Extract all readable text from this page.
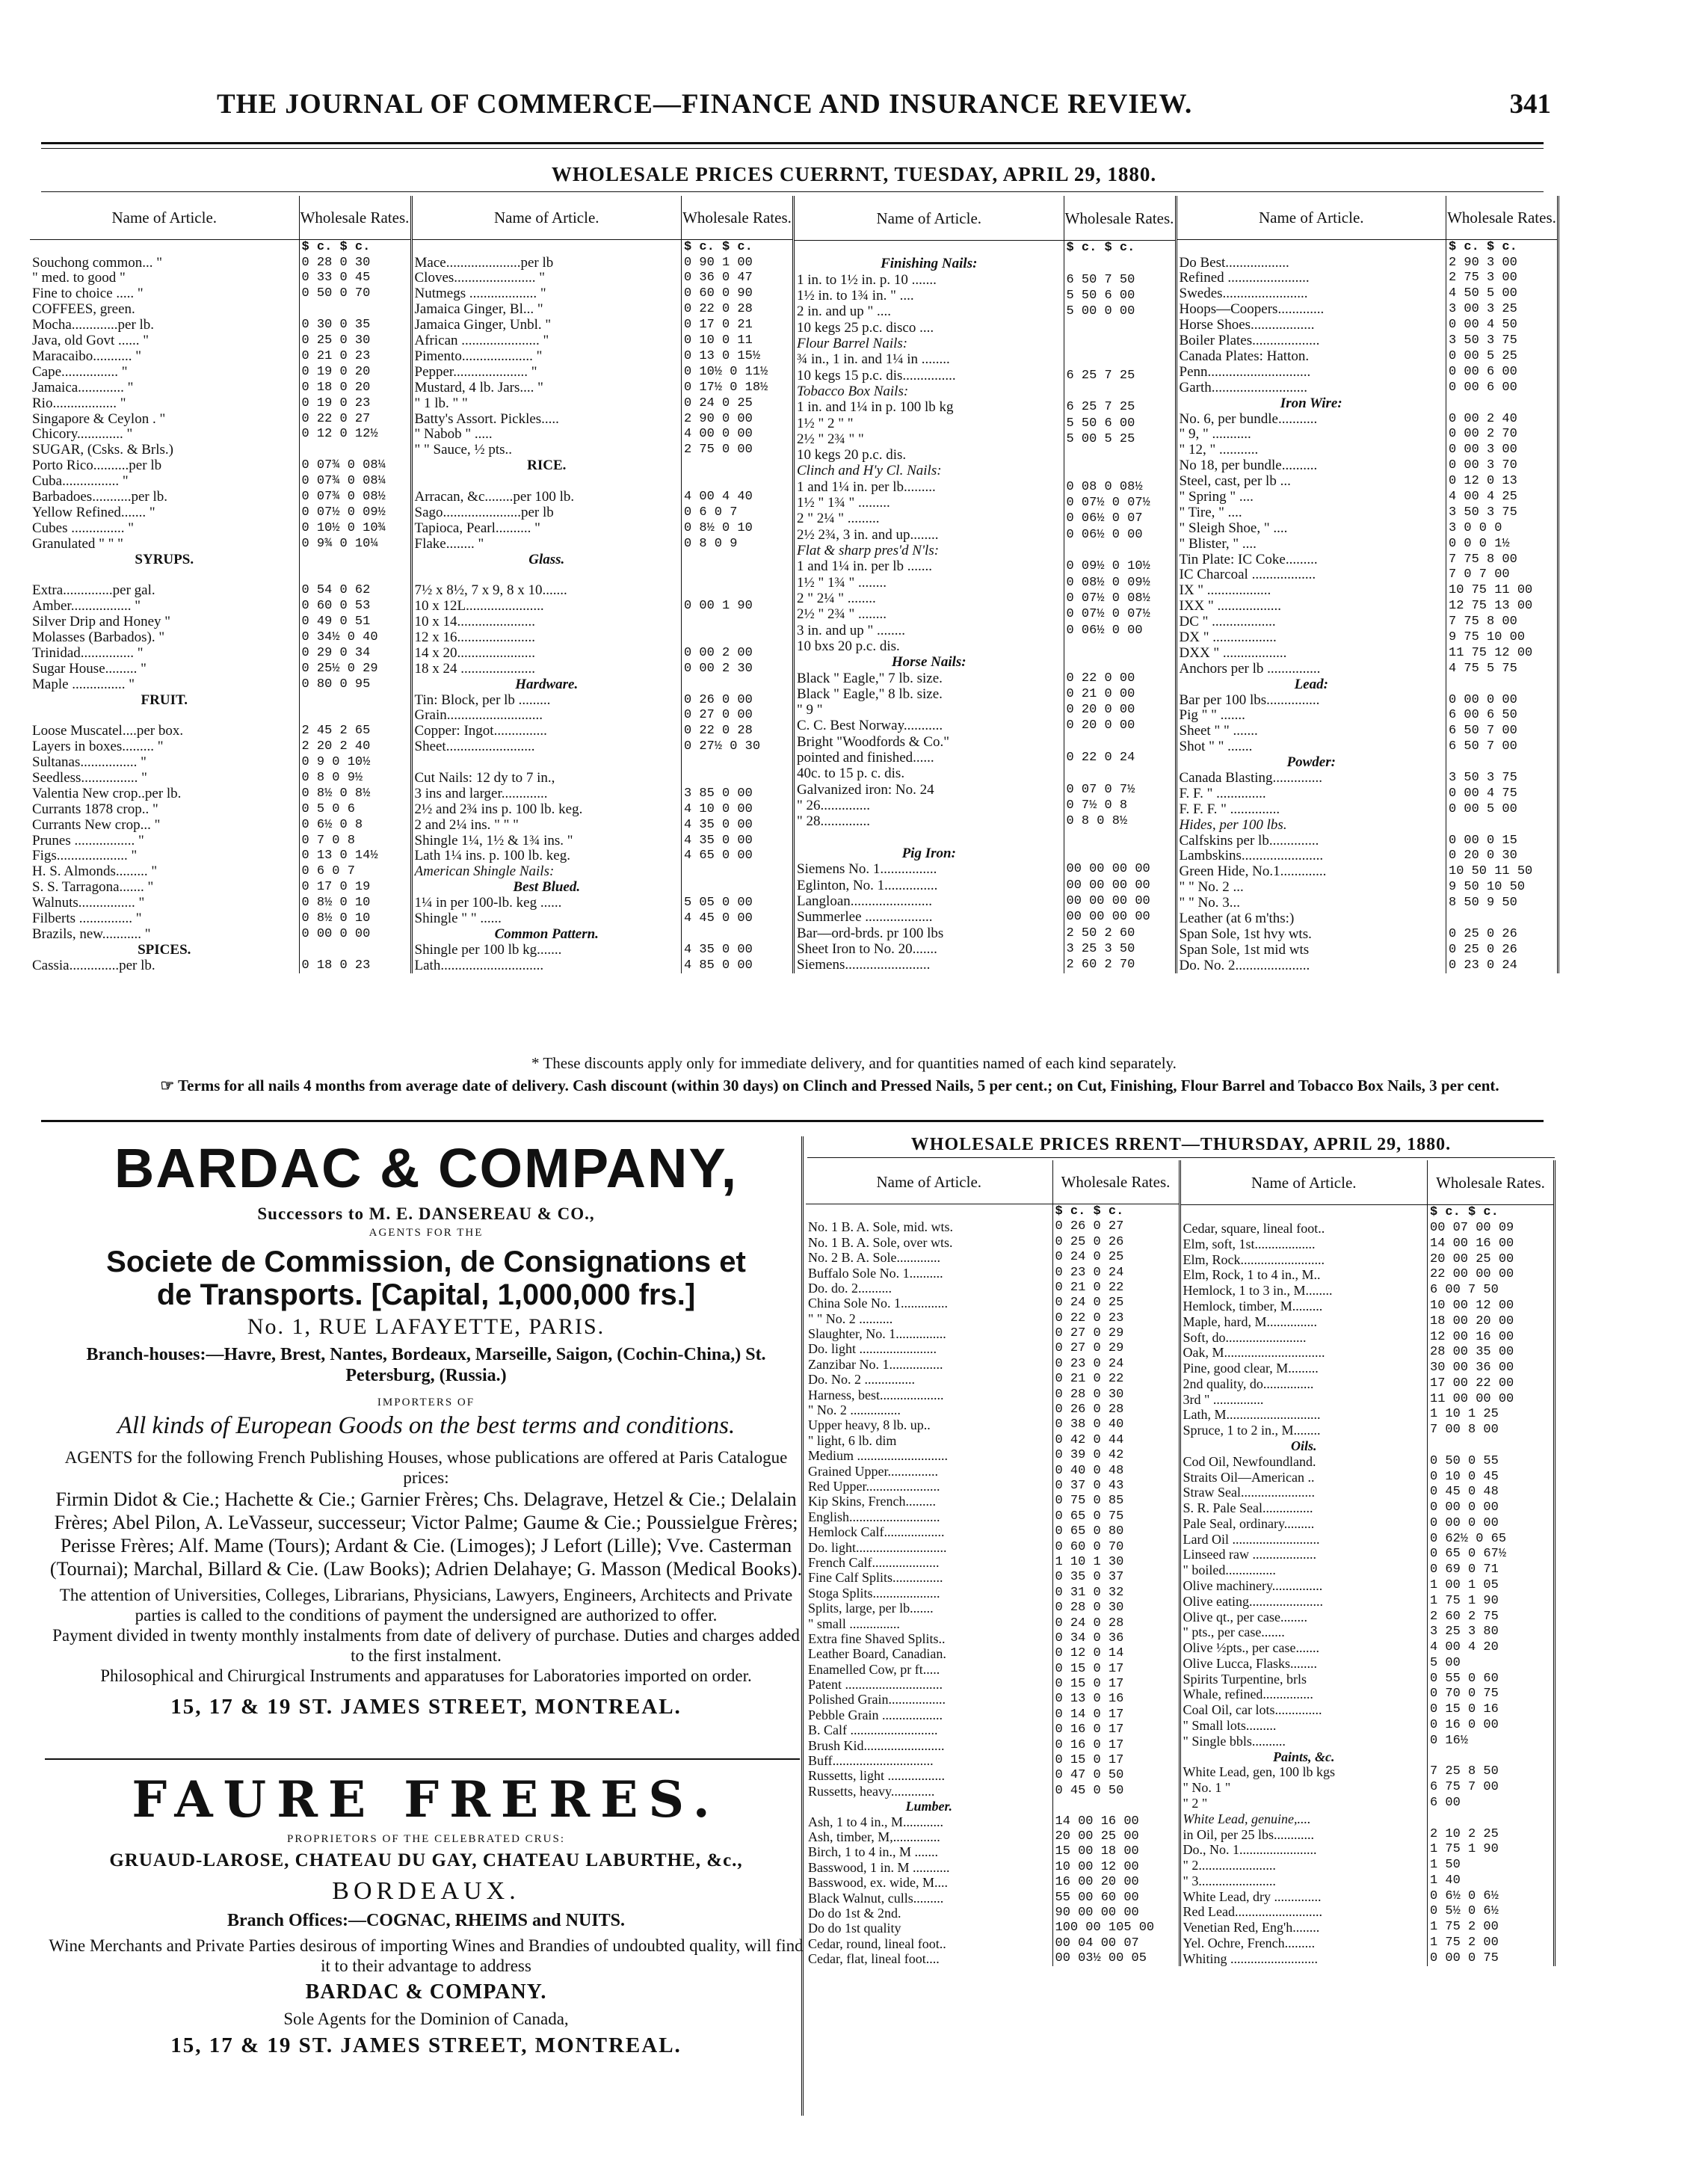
THE JOURNAL OF COMMERCE—FINANCE AND INSURANCE REVIEW.	341
WHOLESALE PRICES CUERRNT, TUESDAY, APRIL 29, 1880.
Name of Article.	Wholesale Rates.
	$ c. $ c.
Souchong common... "	0 28 0 30
" med. to good "	0 33 0 45
Fine to choice ..... "	0 50 0 70
COFFEES, green.	
Mocha.............per lb.	0 30 0 35
Java, old Govt ...... "	0 25 0 30
Maracaibo........... "	0 21 0 23
Cape................ "	0 19 0 20
Jamaica............. "	0 18 0 20
Rio.................. "	0 19 0 23
Singapore & Ceylon . "	0 22 0 27
Chicory............. "	0 12 0 12½
SUGAR, (Csks. & Brls.)	
Porto Rico..........per lb	0 07¾ 0 08¼
Cuba................ "	0 07¾ 0 08¼
Barbadoes...........per lb.	0 07¾ 0 08½
Yellow Refined....... "	0 07½ 0 09½
Cubes ............... "	0 10½ 0 10¾
Granulated " " "	0 9¾ 0 10¼
SYRUPS.	

Extra..............per gal.	0 54 0 62
Amber................. "	0 60 0 53
Silver Drip and Honey "	0 49 0 51
Molasses (Barbados). "	0 34½ 0 40
Trinidad............... "	0 29 0 34
Sugar House......... "	0 25½ 0 29
Maple ............... "	0 80 0 95
FRUIT.	

Loose Muscatel....per box.	2 45 2 65
Layers in boxes......... "	2 20 2 40
Sultanas................ "	0 9 0 10½
Seedless................ "	0 8 0 9½
Valentia New crop..per lb.	0 8½ 0 8½
Currants 1878 crop.. "	0 5 0 6
Currants New crop... "	0 6½ 0 8
Prunes ................. "	0 7 0 8
Figs.................... "	0 13 0 14½
H. S. Almonds......... "	0 6 0 7
S. S. Tarragona....... "	0 17 0 19
Walnuts................ "	0 8½ 0 10
Filberts ............... "	0 8½ 0 10
Brazils, new........... "	0 00 0 00
SPICES.	
Cassia..............per lb.	0 18 0 23
Name of Article.	Wholesale Rates.
	$ c. $ c.
Mace.....................per lb	0 90 1 00
Cloves....................... "	0 36 0 47
Nutmegs ................... "	0 60 0 90
Jamaica Ginger, Bl... "	0 22 0 28
Jamaica Ginger, Unbl. "	0 17 0 21
African ...................... "	0 10 0 11
Pimento.................... "	0 13 0 15½
Pepper..................... "	0 10½ 0 11½
Mustard, 4 lb. Jars.... "	0 17½ 0 18½
" 1 lb. " "	0 24 0 25
Batty's Assort. Pickles.....	2 90 0 00
" Nabob " .....	4 00 0 00
" " Sauce, ½ pts..	2 75 0 00
RICE.	

Arracan, &c........per 100 lb.	4 00 4 40
Sago......................per lb	0 6 0 7
Tapioca, Pearl.......... "	0 8½ 0 10
Flake........ "	0 8 0 9
Glass.	

7½ x 8½, 7 x 9, 8 x 10.......	
10 x 12L......................	0 00 1 90
10 x 14......................	
12 x 16......................	
14 x 20......................	0 00 2 00
18 x 24 .....................	0 00 2 30
Hardware.	
Tin: Block, per lb .........	0 26 0 00
Grain...........................	0 27 0 00
Copper: Ingot...............	0 22 0 28
Sheet.........................	0 27½ 0 30

Cut Nails: 12 dy to 7 in.,	
3 ins and larger.............	3 85 0 00
2½ and 2¾ ins p. 100 lb. keg.	4 10 0 00
2 and 2¼ ins. " " "	4 35 0 00
Shingle 1¼, 1½ & 1¾ ins. "	4 35 0 00
Lath 1¼ ins. p. 100 lb. keg.	4 65 0 00
American Shingle Nails:	
Best Blued.	
1¼ in per 100-lb. keg ......	5 05 0 00
Shingle " " ......	4 45 0 00
Common Pattern.	
Shingle per 100 lb kg.......	4 35 0 00
Lath.............................	4 85 0 00
Name of Article.	Wholesale Rates.
	$ c. $ c.
Finishing Nails:	
1 in. to 1½ in. p. 10 .......	6 50 7 50
1½ in. to 1¾ in. " ....	5 50 6 00
2 in. and up " ....	5 00 0 00
10 kegs 25 p.c. disco ....	
Flour Barrel Nails:	
¾ in., 1 in. and 1¼ in ........	
10 kegs 15 p.c. dis...............	6 25 7 25
Tobacco Box Nails:	
1 in. and 1¼ in p. 100 lb kg	6 25 7 25
1½ " 2 " "	5 50 6 00
2½ " 2¾ " "	5 00 5 25
10 kegs 20 p.c. dis.	
Clinch and H'y Cl. Nails:	
1 and 1¼ in. per lb.........	0 08 0 08½
1½ " 1¾ " .........	0 07½ 0 07½
2 " 2¼ " .........	0 06½ 0 07
2½ 2¾, 3 in. and up........	0 06½ 0 00
Flat & sharp pres'd N'ls:	
1 and 1¼ in. per lb .......	0 09½ 0 10½
1½ " 1¾ " ........	0 08½ 0 09½
2 " 2¼ " ........	0 07½ 0 08½
2½ " 2¾ " ........	0 07½ 0 07½
3 in. and up " ........	0 06½ 0 00
10 bxs 20 p.c. dis.	
Horse Nails:	
Black " Eagle," 7 lb. size.	0 22 0 00
Black " Eagle," 8 lb. size.	0 21 0 00
" 9 "	0 20 0 00
C. C. Best Norway...........	0 20 0 00
Bright "Woodfords & Co."	
pointed and finished......	0 22 0 24
40c. to 15 p. c. dis.	
Galvanized iron: No. 24	0 07 0 7½
" 26..............	0 7½ 0 8
" 28..............	0 8 0 8½

Pig Iron:	
Siemens No. 1................	00 00 00 00
Eglinton, No. 1...............	00 00 00 00
Langloan.......................	00 00 00 00
Summerlee ...................	00 00 00 00
Bar—ord-brds. pr 100 lbs	2 50 2 60
Sheet Iron to No. 20.......	3 25 3 50
Siemens........................	2 60 2 70
Name of Article.	Wholesale Rates.
	$ c. $ c.
Do Best..................	2 90 3 00
Refined .......................	2 75 3 00
Swedes........................	4 50 5 00
Hoops—Coopers.............	3 00 3 25
Horse Shoes..................	0 00 4 50
Boiler Plates...................	3 50 3 75
Canada Plates: Hatton.	0 00 5 25
Penn.............................	0 00 6 00
Garth...........................	0 00 6 00
Iron Wire:	
No. 6, per bundle...........	0 00 2 40
" 9, " ...........	0 00 2 70
" 12, " ...........	0 00 3 00
No 18, per bundle..........	0 00 3 70
Steel, cast, per lb ...	0 12 0 13
" Spring " ....	4 00 4 25
" Tire, " ....	3 50 3 75
" Sleigh Shoe, " ....	3 0 0 0
" Blister, " ....	0 0 0 1½
Tin Plate: IC Coke.........	7 75 8 00
IC Charcoal ..................	7 0 7 00
IX " ..................	10 75 11 00
IXX " ..................	12 75 13 00
DC " ..................	7 75 8 00
DX " ..................	9 75 10 00
DXX " ..................	11 75 12 00
Anchors per lb ...............	4 75 5 75
Lead:	
Bar per 100 lbs...............	0 00 0 00
Pig " " .......	6 00 6 50
Sheet " " .......	6 50 7 00
Shot " " .......	6 50 7 00
Powder:	
Canada Blasting..............	3 50 3 75
F. F. " ..............	0 00 4 75
F. F. F. " ..............	0 00 5 00
Hides, per 100 lbs.	
Calfskins per lb..............	0 00 0 15
Lambskins.......................	0 20 0 30
Green Hide, No.1.............	10 50 11 50
" " No. 2 ...	9 50 10 50
" " No. 3...	8 50 9 50
Leather (at 6 m'ths:)	
Span Sole, 1st hvy wts.	0 25 0 26
Span Sole, 1st mid wts	0 25 0 26
Do. No. 2.....................	0 23 0 24
* These discounts apply only for immediate delivery, and for quantities named of each kind separately.
☞ Terms for all nails 4 months from average date of delivery. Cash discount (within 30 days) on Clinch and Pressed Nails, 5 per cent.; on Cut, Finishing, Flour Barrel and Tobacco Box Nails, 3 per cent.
BARDAC & COMPANY,
Successors to M. E. DANSEREAU & CO.,
AGENTS FOR THE
Societe de Commission, de Consignations et
de Transports. [Capital, 1,000,000 frs.]
No. 1, RUE LAFAYETTE, PARIS.
Branch-houses:—Havre, Brest, Nantes, Bordeaux, Marseille, Saigon, (Cochin-China,) St. Petersburg, (Russia.)
IMPORTERS OF
All kinds of European Goods on the best terms and conditions.
AGENTS for the following French Publishing Houses, whose publications are offered at Paris Catalogue prices:
Firmin Didot & Cie.; Hachette & Cie.; Garnier Frères; Chs. Delagrave, Hetzel & Cie.; Delalain Frères; Abel Pilon, A. LeVasseur, successeur; Victor Palme; Gaume & Cie.; Poussielgue Frères; Perisse Frères; Alf. Mame (Tours); Ardant & Cie. (Limoges); J Lefort (Lille); Vve. Casterman (Tournai); Marchal, Billard & Cie. (Law Books); Adrien Delahaye; G. Masson (Medical Books).
The attention of Universities, Colleges, Librarians, Physicians, Lawyers, Engineers, Architects and Private parties is called to the conditions of payment the undersigned are authorized to offer.
Payment divided in twenty monthly instalments from date of delivery of purchase. Duties and charges added to the first instalment.
Philosophical and Chirurgical Instruments and apparatuses for Laboratories imported on order.
15, 17 & 19 ST. JAMES STREET, MONTREAL.
FAURE FRERES.
PROPRIETORS OF THE CELEBRATED CRUS:
GRUAUD-LAROSE, CHATEAU DU GAY, CHATEAU LABURTHE, &c.,
BORDEAUX.
Branch Offices:—COGNAC, RHEIMS and NUITS.
Wine Merchants and Private Parties desirous of importing Wines and Brandies of undoubted quality, will find it to their advantage to address
BARDAC & COMPANY.
Sole Agents for the Dominion of Canada,
15, 17 & 19 ST. JAMES STREET, MONTREAL.
WHOLESALE PRICES RRENT—THURSDAY, APRIL 29, 1880.
Name of Article.	Wholesale Rates.
	$ c. $ c.
No. 1 B. A. Sole, mid. wts.	0 26 0 27
No. 1 B. A. Sole, over wts.	0 25 0 26
No. 2 B. A. Sole.............	0 24 0 25
Buffalo Sole No. 1..........	0 23 0 24
Do. do. 2..........	0 21 0 22
China Sole No. 1..............	0 24 0 25
" " No. 2 ..........	0 22 0 23
Slaughter, No. 1...............	0 27 0 29
Do. light .......................	0 27 0 29
Zanzibar No. 1................	0 23 0 24
Do. No. 2 ...............	0 21 0 22
Harness, best...................	0 28 0 30
" No. 2 ...............	0 26 0 28
Upper heavy, 8 lb. up..	0 38 0 40
" light, 6 lb. dim	0 42 0 44
Medium ...........................	0 39 0 42
Grained Upper...............	0 40 0 48
Red Upper......................	0 37 0 43
Kip Skins, French.........	0 75 0 85
English...........................	0 65 0 75
Hemlock Calf..................	0 65 0 80
Do. light...........................	0 60 0 70
French Calf....................	1 10 1 30
Fine Calf Splits...............	0 35 0 37
Stoga Splits....................	0 31 0 32
Splits, large, per lb.......	0 28 0 30
" small ...............	0 24 0 28
Extra fine Shaved Splits..	0 34 0 36
Leather Board, Canadian.	0 12 0 14
Enamelled Cow, pr ft.....	0 15 0 17
Patent .............................	0 15 0 17
Polished Grain.................	0 13 0 16
Pebble Grain ..................	0 14 0 17
B. Calf ..........................	0 16 0 17
Brush Kid........................	0 16 0 17
Buff..............................	0 15 0 17
Russetts, light .................	0 47 0 50
Russetts, heavy.............	0 45 0 50
Lumber.	
Ash, 1 to 4 in., M............	14 00 16 00
Ash, timber, M,..............	20 00 25 00
Birch, 1 to 4 in., M .......	15 00 18 00
Basswood, 1 in. M ...........	10 00 12 00
Basswood, ex. wide, M....	16 00 20 00
Black Walnut, culls.........	55 00 60 00
Do do 1st & 2nd.	90 00 00 00
Do do 1st quality	100 00 105 00
Cedar, round, lineal foot..	00 04 00 07
Cedar, flat, lineal foot....	00 03½ 00 05
Name of Article.	Wholesale Rates.
	$ c. $ c.
Cedar, square, lineal foot..	00 07 00 09
Elm, soft, 1st..................	14 00 16 00
Elm, Rock.........................	20 00 25 00
Elm, Rock, 1 to 4 in., M..	22 00 00 00
Hemlock, 1 to 3 in., M........	6 00 7 50
Hemlock, timber, M.........	10 00 12 00
Maple, hard, M...............	18 00 20 00
Soft, do........................	12 00 16 00
Oak, M..............................	28 00 35 00
Pine, good clear, M.........	30 00 36 00
2nd quality, do...............	17 00 22 00
3rd " ...............	11 00 00 00
Lath, M............................	1 10 1 25
Spruce, 1 to 2 in., M........	7 00 8 00
Oils.	
Cod Oil, Newfoundland.	0 50 0 55
Straits Oil—American ..	0 10 0 45
Straw Seal......................	0 45 0 48
S. R. Pale Seal...............	0 00 0 00
Pale Seal, ordinary.........	0 00 0 00
Lard Oil ..........................	0 62½ 0 65
Linseed raw ...................	0 65 0 67½
" boiled...............	0 69 0 71
Olive machinery...............	1 00 1 05
Olive eating......................	1 75 1 90
Olive qt., per case........	2 60 2 75
" pts., per case.......	3 25 3 80
Olive ½pts., per case.......	4 00 4 20
Olive Lucca, Flasks........	5 00
Spirits Turpentine, brls	0 55 0 60
Whale, refined...............	0 70 0 75
Coal Oil, car lots..............	0 15 0 16
" Small lots.........	0 16 0 00
" Single bbls..........	0 16½
Paints, &c.	
White Lead, gen, 100 lb kgs	7 25 8 50
" No. 1 "	6 75 7 00
" 2 "	6 00
White Lead, genuine,....	
in Oil, per 25 lbs............	2 10 2 25
Do., No. 1.......................	1 75 1 90
" 2.......................	1 50
" 3.......................	1 40
White Lead, dry ..............	0 6½ 0 6½
Red Lead..........................	0 5½ 0 6½
Venetian Red, Eng'h........	1 75 2 00
Yel. Ochre, French.........	1 75 2 00
Whiting ..........................	0 00 0 75
